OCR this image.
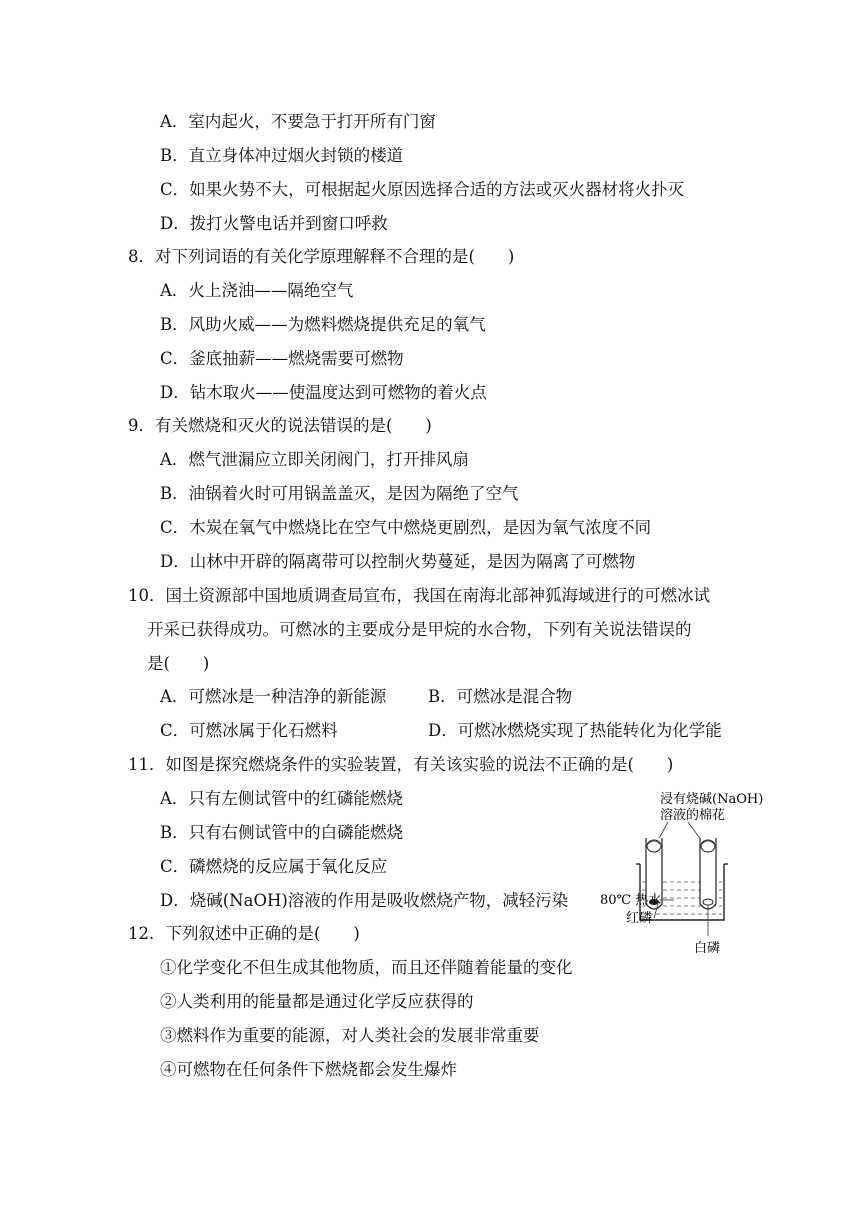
A．室内起火，不要急于打开所有门窗
B．直立身体冲过烟火封锁的楼道
C．如果火势不大，可根据起火原因选择合适的方法或灭火器材将火扑灭
D．拨打火警电话并到窗口呼救
8．对下列词语的有关化学原理解释不合理的是(　　)
A．火上浇油——隔绝空气
B．风助火威——为燃料燃烧提供充足的氧气
C．釜底抽薪——燃烧需要可燃物
D．钻木取火——使温度达到可燃物的着火点
9．有关燃烧和灭火的说法错误的是(　　)
A．燃气泄漏应立即关闭阀门，打开排风扇
B．油锅着火时可用锅盖盖灭，是因为隔绝了空气
C．木炭在氧气中燃烧比在空气中燃烧更剧烈，是因为氧气浓度不同
D．山林中开辟的隔离带可以控制火势蔓延，是因为隔离了可燃物
10．国土资源部中国地质调查局宣布，我国在南海北部神狐海域进行的可燃冰试
开采已获得成功。可燃冰的主要成分是甲烷的水合物，下列有关说法错误的
是(　　)
A．可燃冰是一种洁净的新能源	B．可燃冰是混合物
C．可燃冰属于化石燃料	D．可燃冰燃烧实现了热能转化为化学能
11．如图是探究燃烧条件的实验装置，有关该实验的说法不正确的是(　　)
A．只有左侧试管中的红磷能燃烧
B．只有右侧试管中的白磷能燃烧
C．磷燃烧的反应属于氧化反应
D．烧碱(NaOH)溶液的作用是吸收燃烧产物，减轻污染
浸有烧碱(NaOH)
溶液的棉花
80℃ 热水
红磷
白磷
12．下列叙述中正确的是(　　)
①化学变化不但生成其他物质，而且还伴随着能量的变化
②人类利用的能量都是通过化学反应获得的
③燃料作为重要的能源，对人类社会的发展非常重要
④可燃物在任何条件下燃烧都会发生爆炸
